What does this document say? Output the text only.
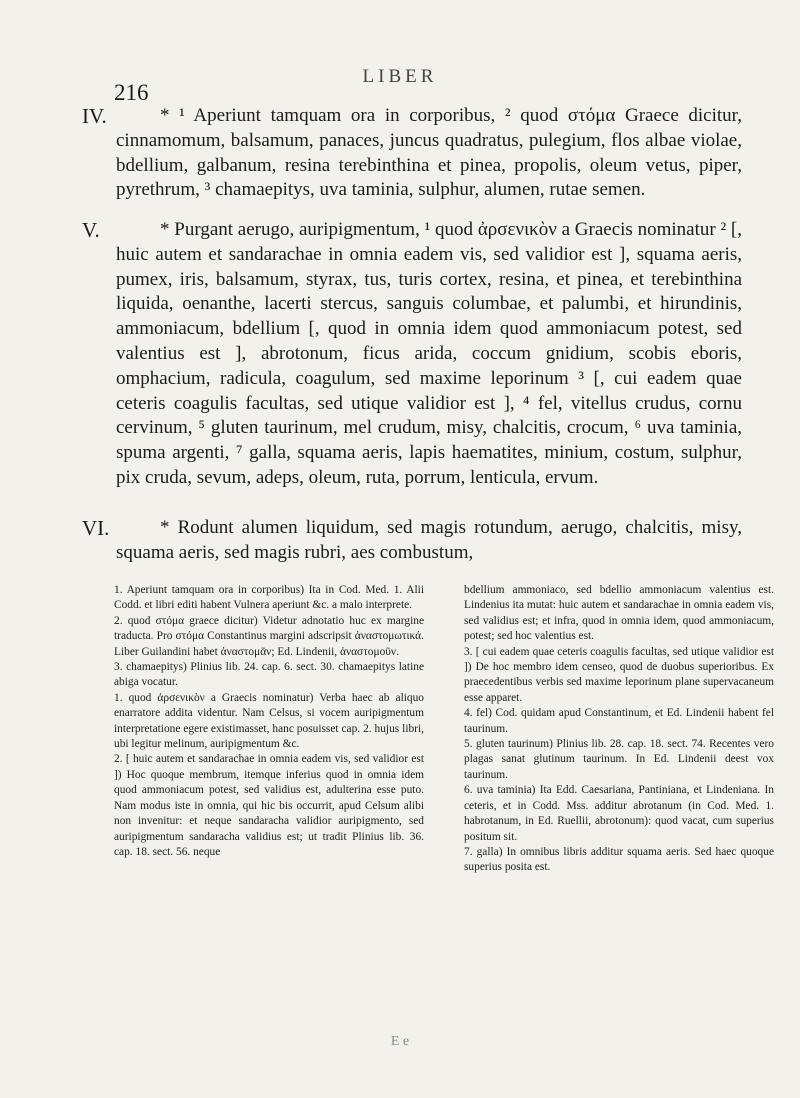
LIBER
216
IV.	* ¹ Aperiunt tamquam ora in corporibus, ² quod στόμα Graece dicitur, cinnamomum, balsamum, panaces, juncus quadratus, pulegium, flos albae violae, bdellium, galbanum, resina terebinthina et pinea, propolis, oleum vetus, piper, pyrethrum, ³ chamaepitys, uva taminia, sulphur, alumen, rutae semen.

V.	* Purgant aerugo, auripigmentum, ¹ quod ἀρσενικὸν a Graecis nominatur ² [, huic autem et sandarachae in omnia eadem vis, sed validior est ], squama aeris, pumex, iris, balsamum, styrax, tus, turis cortex, resina, et pinea, et terebinthina liquida, oenanthe, lacerti stercus, sanguis columbae, et palumbi, et hirundinis, ammoniacum, bdellium [, quod in omnia idem quod ammoniacum potest, sed valentius est ], abrotonum, ficus arida, coccum gnidium, scobis eboris, omphacium, radicula, coagulum, sed maxime leporinum ³ [, cui eadem quae ceteris coagulis facultas, sed utique validior est ], ⁴ fel, vitellus crudus, cornu cervinum, ⁵ gluten taurinum, mel crudum, misy, chalcitis, crocum, ⁶ uva taminia, spuma argenti, ⁷ galla, squama aeris, lapis haematites, minium, costum, sulphur, pix cruda, sevum, adeps, oleum, ruta, porrum, lenticula, ervum.

VI.	* Rodunt alumen liquidum, sed magis rotundum, aerugo, chalcitis, misy, squama aeris, sed magis rubri, aes combustum,

1. Aperiunt tamquam ora in corporibus) Ita in Cod. Med. 1. Alii Codd. et libri editi habent Vulnera aperiunt &c. a malo interprete.

2. quod στόμα graece dicitur) Videtur adnotatio huc ex margine traducta. Pro στόμα Constantinus margini adscripsit ἀναστομωτικά. Liber Guilandini habet ἀναστομᾶν; Ed. Lindenii, ἀναστομοῦν.

3. chamaepitys) Plinius lib. 24. cap. 6. sect. 30. chamaepitys latine abiga vocatur.

1. quod ἀρσενικὸν a Graecis nominatur) Verba haec ab aliquo enarratore addita videntur. Nam Celsus, si vocem auripigmentum interpretatione egere existimasset, hanc posuisset cap. 2. hujus libri, ubi legitur melinum, auripigmentum &c.

2. [ huic autem et sandarachae in omnia eadem vis, sed validior est ]) Hoc quoque membrum, itemque inferius quod in omnia idem quod ammoniacum potest, sed validius est, adulterina esse puto. Nam modus iste in omnia, qui hic bis occurrit, apud Celsum alibi non invenitur: et neque sandaracha validior auripigmento, sed auripigmentum sandaracha validius est; ut tradit Plinius lib. 36. cap. 18. sect. 56. neque

bdellium ammoniaco, sed bdellio ammoniacum valentius est. Lindenius ita mutat: huic autem et sandarachae in omnia eadem vis, sed validius est; et infra, quod in omnia idem, quod ammoniacum, potest; sed hoc valentius est.

3. [ cui eadem quae ceteris coagulis facultas, sed utique validior est ]) De hoc membro idem censeo, quod de duobus superioribus. Ex praecedentibus verbis sed maxime leporinum plane supervacaneum esse apparet.

4. fel) Cod. quidam apud Constantinum, et Ed. Lindenii habent fel taurinum.

5. gluten taurinum) Plinius lib. 28. cap. 18. sect. 74. Recentes vero plagas sanat glutinum taurinum. In Ed. Lindenii deest vox taurinum.

6. uva taminia) Ita Edd. Caesariana, Pantiniana, et Lindeniana. In ceteris, et in Codd. Mss. additur abrotanum (in Cod. Med. 1. habrotanum, in Ed. Ruellii, abrotonum): quod vacat, cum superius positum sit.

7. galla) In omnibus libris additur squama aeris. Sed haec quoque superius posita est.

E e
